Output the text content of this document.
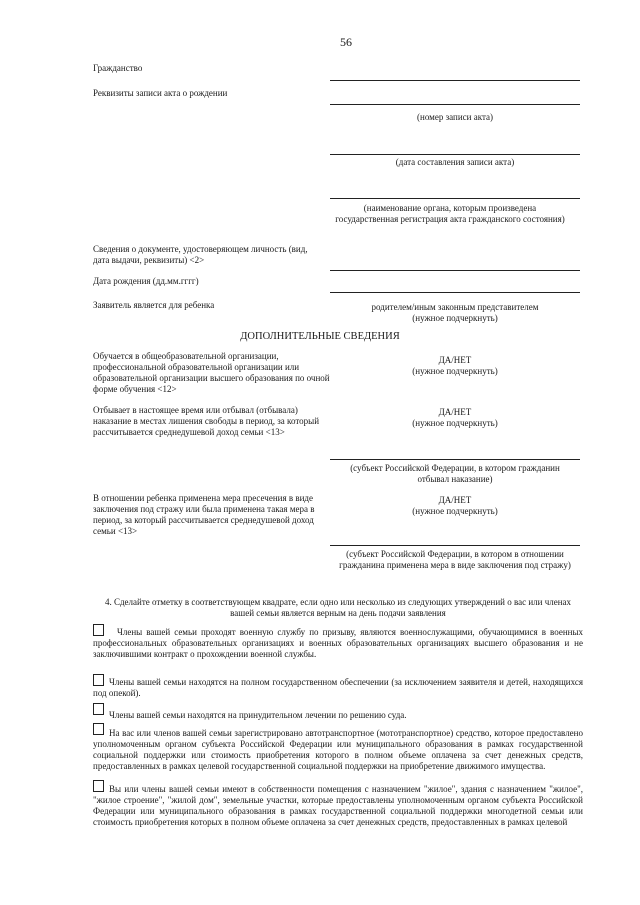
56
Гражданство
Реквизиты записи акта о рождении
(номер записи акта)
(дата составления записи акта)
(наименование органа, которым произведена государственная регистрация акта гражданского состояния)
Сведения о документе, удостоверяющем личность (вид, дата выдачи, реквизиты) <2>
Дата рождения (дд.мм.гггг)
Заявитель является для ребенка	родителем/иным законным представителем
(нужное подчеркнуть)
ДОПОЛНИТЕЛЬНЫЕ СВЕДЕНИЯ
Обучается в общеобразовательной организации, профессиональной образовательной организации или образовательной организации высшего образования по очной форме обучения <12>
ДА/НЕТ
(нужное подчеркнуть)
Отбывает в настоящее время или отбывал (отбывала) наказание в местах лишения свободы в период, за который рассчитывается среднедушевой доход семьи <13>
ДА/НЕТ
(нужное подчеркнуть)
(субъект Российской Федерации, в котором гражданин отбывал наказание)
В отношении ребенка применена мера пресечения в виде заключения под стражу или была применена такая мера в период, за который рассчитывается среднедушевой доход семьи <13>
ДА/НЕТ
(нужное подчеркнуть)
(субъект Российской Федерации, в котором в отношении гражданина применена мера в виде заключения под стражу)
4. Сделайте отметку в соответствующем квадрате, если одно или несколько из следующих утверждений о вас или членах вашей семьи является верным на день подачи заявления
Члены вашей семьи проходят военную службу по призыву, являются военнослужащими, обучающимися в военных профессиональных образовательных организациях и военных образовательных организациях высшего образования и не заключившими контракт о прохождении военной службы.
Члены вашей семьи находятся на полном государственном обеспечении (за исключением заявителя и детей, находящихся под опекой).
Члены вашей семьи находятся на принудительном лечении по решению суда.
На вас или членов вашей семьи зарегистрировано автотранспортное (мототранспортное) средство, которое предоставлено уполномоченным органом субъекта Российской Федерации или муниципального образования в рамках государственной социальной поддержки или стоимость приобретения которого в полном объеме оплачена за счет денежных средств, предоставленных в рамках целевой государственной социальной поддержки на приобретение движимого имущества.
Вы или члены вашей семьи имеют в собственности помещения с назначением "жилое", здания с назначением "жилое", "жилое строение", "жилой дом", земельные участки, которые предоставлены уполномоченным органом субъекта Российской Федерации или муниципального образования в рамках государственной социальной поддержки многодетной семьи или стоимость приобретения которых в полном объеме оплачена за счет денежных средств, предоставленных в рамках целевой
